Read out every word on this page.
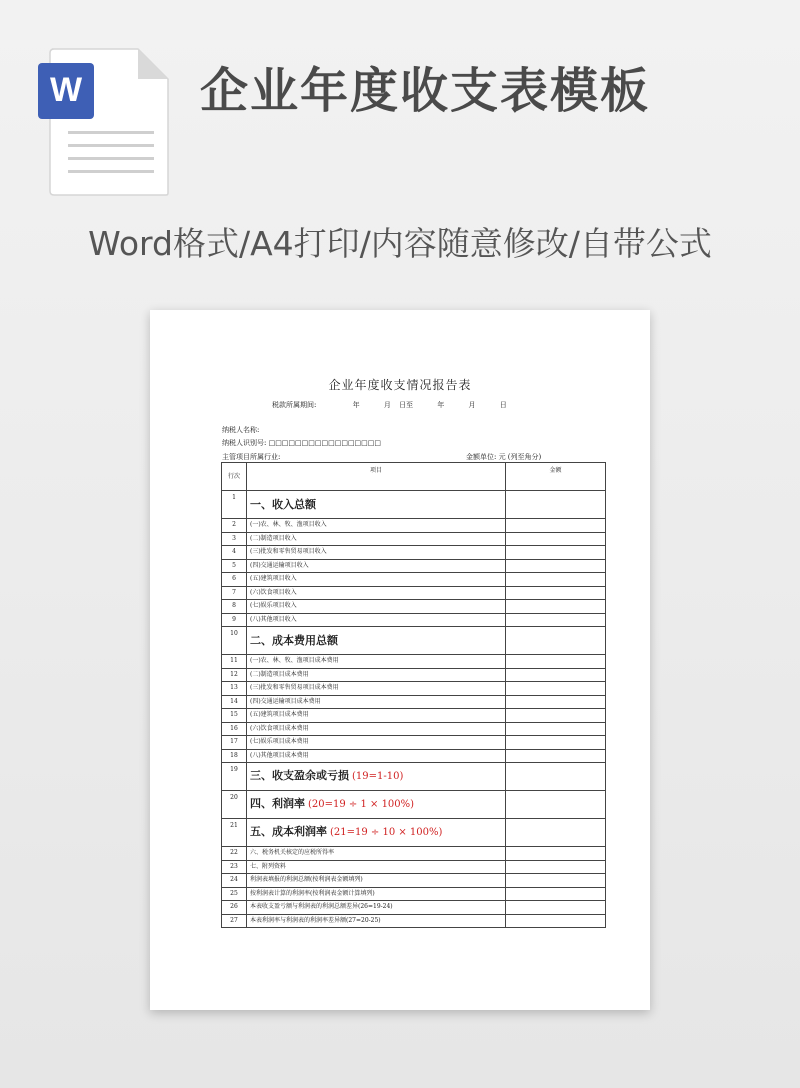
W 企业年度收支表模板
Word格式/A4打印/内容随意修改/自带公式
企业年度收支情况报告表
税款所属期间:	年	月 日至	年	月	日
纳税人名称:
纳税人识别号: □□□□□□□□□□□□□□□□□
主管项目所属行业:	金额单位: 元 (列至角分)
行次	项目	金额
1	一、收入总额	
2	(一)农、林、牧、渔项目收入	
3	(二)制造项目收入	
4	(三)批发和零售贸易项目收入	
5	(四)交通运输项目收入	
6	(五)建筑项目收入	
7	(六)饮食项目收入	
8	(七)娱乐项目收入	
9	(八)其他项目收入	
10	二、成本费用总额	
11	(一)农、林、牧、渔项目成本费用	
12	(二)制造项目成本费用	
13	(三)批发和零售贸易项目成本费用	
14	(四)交通运输项目成本费用	
15	(五)建筑项目成本费用	
16	(六)饮食项目成本费用	
17	(七)娱乐项目成本费用	
18	(八)其他项目成本费用	
19	三、收支盈余或亏损 (19=1-10)	
20	四、利润率 (20=19 ÷ 1 × 100%)	
21	五、成本利润率 (21=19 ÷ 10 × 100%)	
22	六、税务机关核定的应税所得率	
23	七、附列资料	
24	利润表填报的利润总额(按利润表金额填列)	
25	按利润表计算的利润率(按利润表金额计算填列)	
26	本表收支盈亏额与利润表的利润总额差异(26=19-24)	
27	本表利润率与利润表的利润率差异额(27=20-25)	
